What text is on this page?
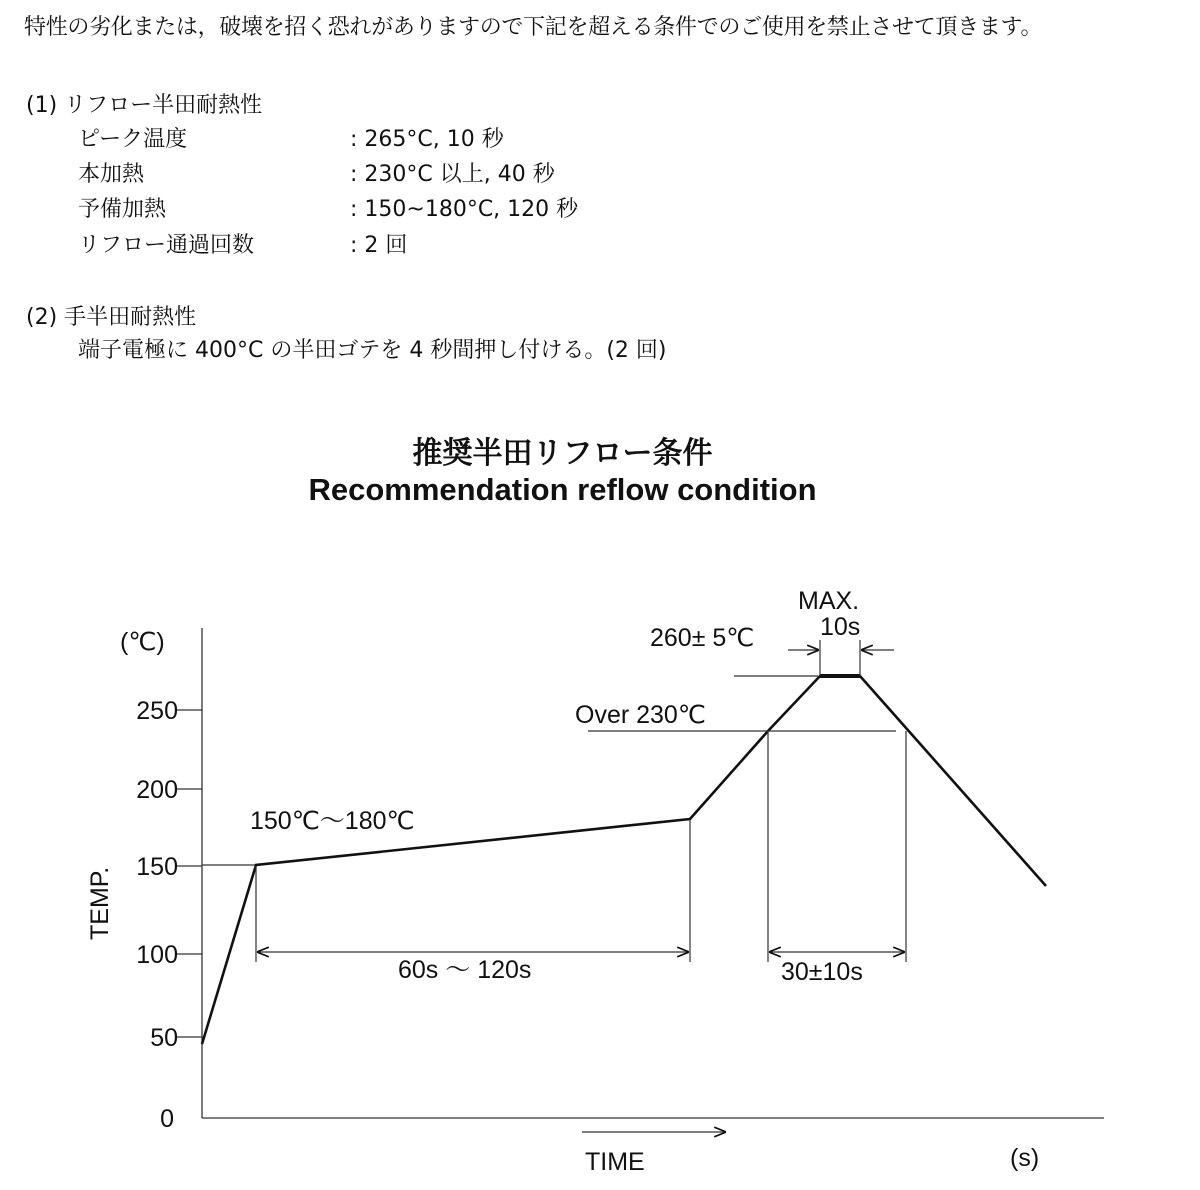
特性の劣化または，破壊を招く恐れがありますので下記を超える条件でのご使用を禁止させて頂きます。
(1) リフロー半田耐熱性
ピーク温度	: 265°C, 10 秒
本加熱	: 230°C 以上, 40 秒
予備加熱	: 150~180°C, 120 秒
リフロー通過回数	: 2 回
(2) 手半田耐熱性
端子電極に 400°C の半田ゴテを 4 秒間押し付ける。(2 回)
推奨半田リフロー条件
Recommendation reflow condition
(℃)
TEMP.
0
50
100
150
200
250
150℃～180℃
60s ～ 120s
Over 230℃
30±10s
260± 5℃
MAX.
10s
TIME	(s)
